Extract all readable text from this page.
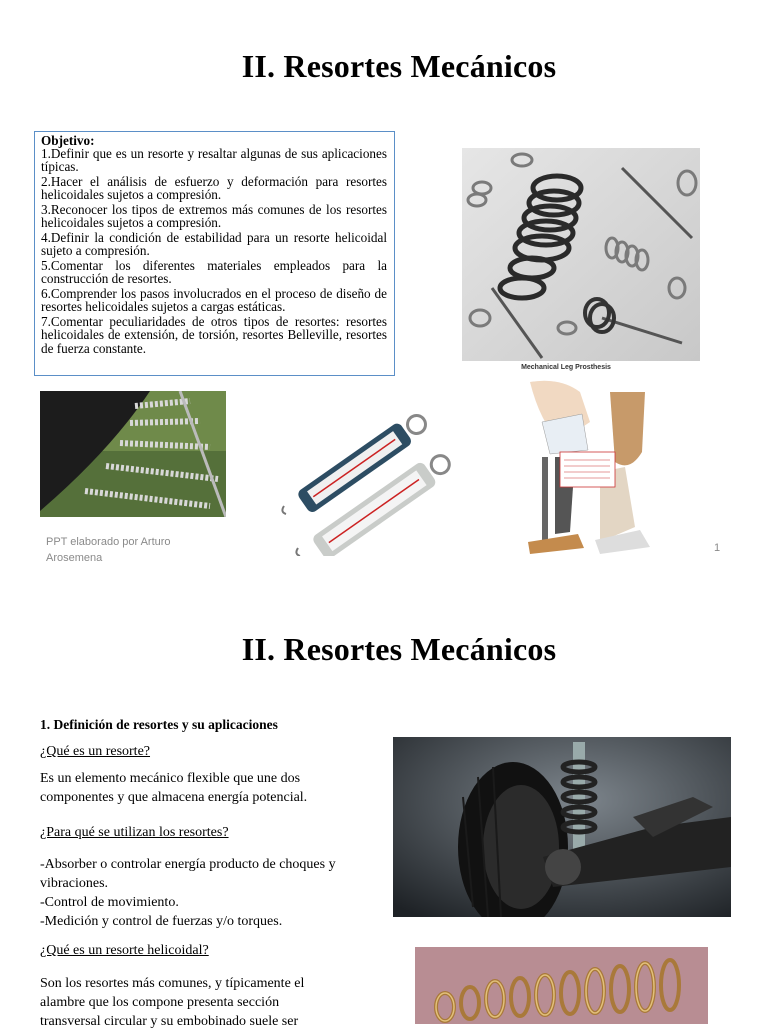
II. Resortes Mecánicos
Objetivo:

1.Definir que es un resorte y resaltar algunas de sus aplicaciones típicas.

2.Hacer el análisis de esfuerzo y deformación para resortes helicoidales sujetos a compresión.

3.Reconocer los tipos de extremos más comunes de los resortes helicoidales sujetos a compresión.

4.Definir la condición de estabilidad para un resorte helicoidal sujeto a compresión.

5.Comentar los diferentes materiales empleados para la construcción de resortes.

6.Comprender los pasos involucrados en el proceso de diseño de resortes helicoidales sujetos a cargas estáticas.

7.Comentar peculiaridades de otros tipos de resortes: resortes helicoidales de extensión, de torsión, resortes Belleville, resortes de fuerza constante.

Mechanical Leg Prosthesis
PPT elaborado por Arturo Arosemena
1
II. Resortes Mecánicos
1. Definición de resortes y su aplicaciones
¿Qué es un resorte?
Es un elemento mecánico flexible que une dos componentes y que almacena energía potencial.
¿Para qué se utilizan los resortes?
-Absorber o controlar energía producto de choques y vibraciones.
-Control de movimiento.
-Medición y control de fuerzas y/o torques.
¿Qué es un resorte helicoidal?
Son los resortes más comunes, y típicamente el alambre que los compone presenta sección transversal circular y su embobinado suele ser
